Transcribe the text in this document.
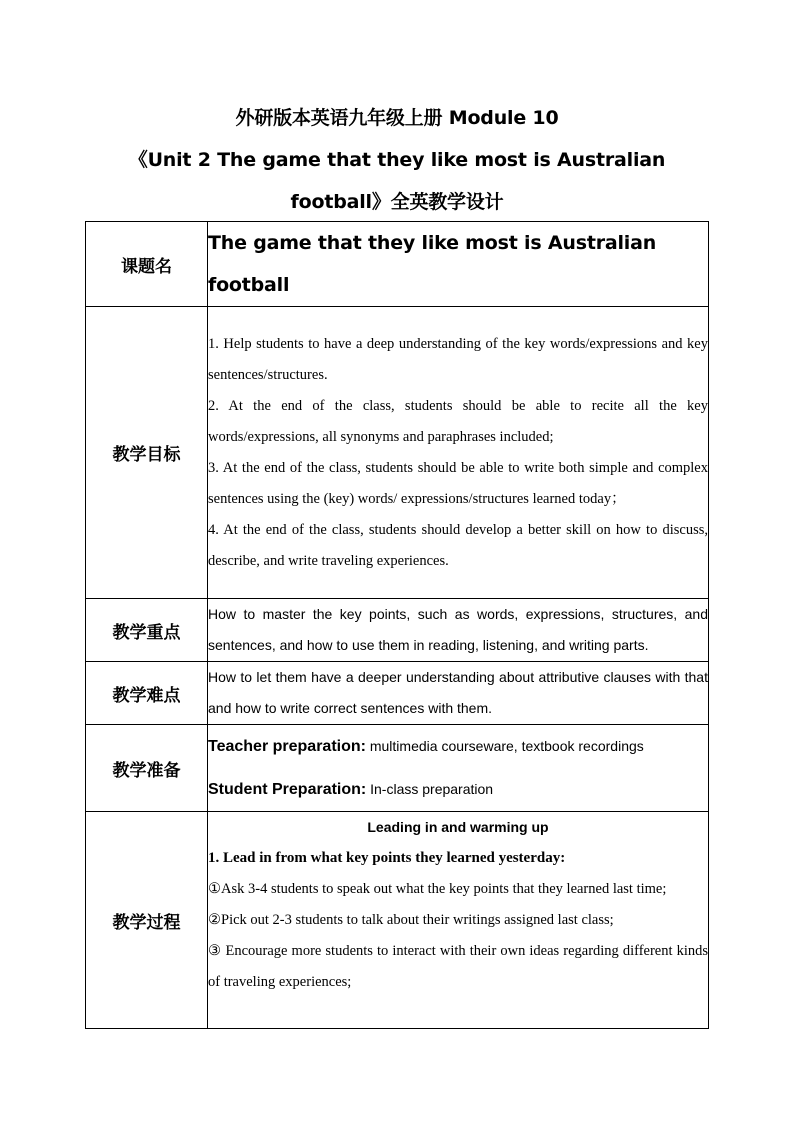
外研版本英语九年级上册 Module 10
《Unit 2 The game that they like most is Australian
football》全英教学设计
课题名	The game that they like most is Australian football
教学目标	1. Help students to have a deep understanding of the key words/expressions and key sentences/structures.

2. At the end of the class, students should be able to recite all the key words/expressions, all synonyms and paraphrases included;

3. At the end of the class, students should be able to write both simple and complex sentences using the (key) words/ expressions/structures learned today；

4. At the end of the class, students should develop a better skill on how to discuss, describe, and write traveling experiences.

教学重点	How to master the key points, such as words, expressions, structures, and sentences, and how to use them in reading, listening, and writing parts.
教学难点	How to let them have a deeper understanding about attributive clauses with that and how to write correct sentences with them.
教学准备	Teacher preparation: multimedia courseware, textbook recordings
Student Preparation: In-class preparation

教学过程	Leading in and warming up

1. Lead in from what key points they learned yesterday:

①Ask 3-4 students to speak out what the key points that they learned last time;

②Pick out 2-3 students to talk about their writings assigned last class;

③ Encourage more students to interact with their own ideas regarding different kinds of traveling experiences;
